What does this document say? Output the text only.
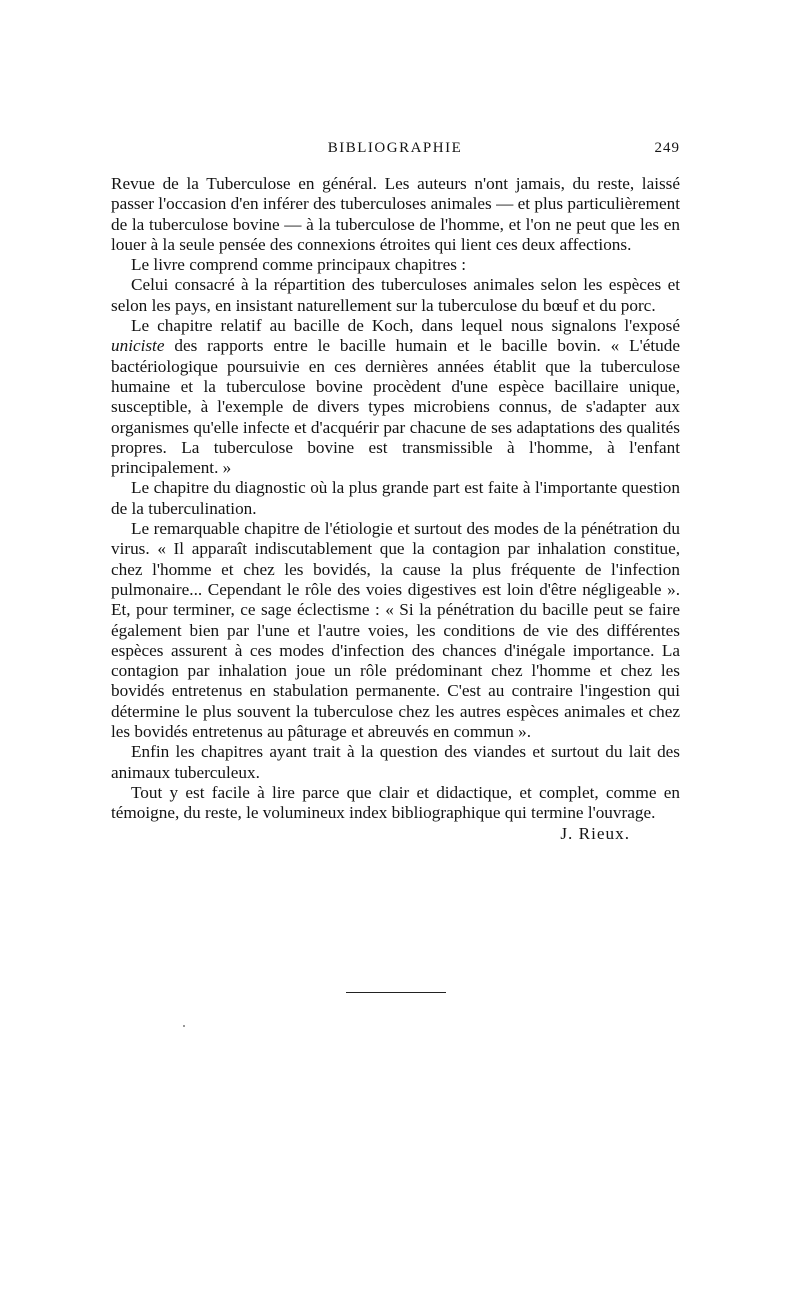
BIBLIOGRAPHIE	249

Revue de la Tuberculose en général. Les auteurs n'ont jamais, du reste, laissé passer l'occasion d'en inférer des tuberculoses animales — et plus particulièrement de la tuberculose bovine — à la tuberculose de l'homme, et l'on ne peut que les en louer à la seule pensée des connexions étroites qui lient ces deux affections.

Le livre comprend comme principaux chapitres :

Celui consacré à la répartition des tuberculoses animales selon les espèces et selon les pays, en insistant naturellement sur la tuberculose du bœuf et du porc.

Le chapitre relatif au bacille de Koch, dans lequel nous signalons l'exposé uniciste des rapports entre le bacille humain et le bacille bovin. « L'étude bactériologique poursuivie en ces dernières années établit que la tuberculose humaine et la tuberculose bovine procèdent d'une espèce bacillaire unique, susceptible, à l'exemple de divers types microbiens connus, de s'adapter aux organismes qu'elle infecte et d'acquérir par chacune de ses adaptations des qualités propres. La tuberculose bovine est transmissible à l'homme, à l'enfant principalement. »

Le chapitre du diagnostic où la plus grande part est faite à l'importante question de la tuberculination.

Le remarquable chapitre de l'étiologie et surtout des modes de la pénétration du virus. « Il apparaît indiscutablement que la contagion par inhalation constitue, chez l'homme et chez les bovidés, la cause la plus fréquente de l'infection pulmonaire... Cependant le rôle des voies digestives est loin d'être négligeable ». Et, pour terminer, ce sage éclectisme : « Si la pénétration du bacille peut se faire également bien par l'une et l'autre voies, les conditions de vie des différentes espèces assurent à ces modes d'infection des chances d'inégale importance. La contagion par inhalation joue un rôle prédominant chez l'homme et chez les bovidés entretenus en stabulation permanente. C'est au contraire l'ingestion qui détermine le plus souvent la tuberculose chez les autres espèces animales et chez les bovidés entretenus au pâturage et abreuvés en commun ».

Enfin les chapitres ayant trait à la question des viandes et surtout du lait des animaux tuberculeux.

Tout y est facile à lire parce que clair et didactique, et complet, comme en témoigne, du reste, le volumineux index bibliographique qui termine l'ouvrage.
J. Rieux.
